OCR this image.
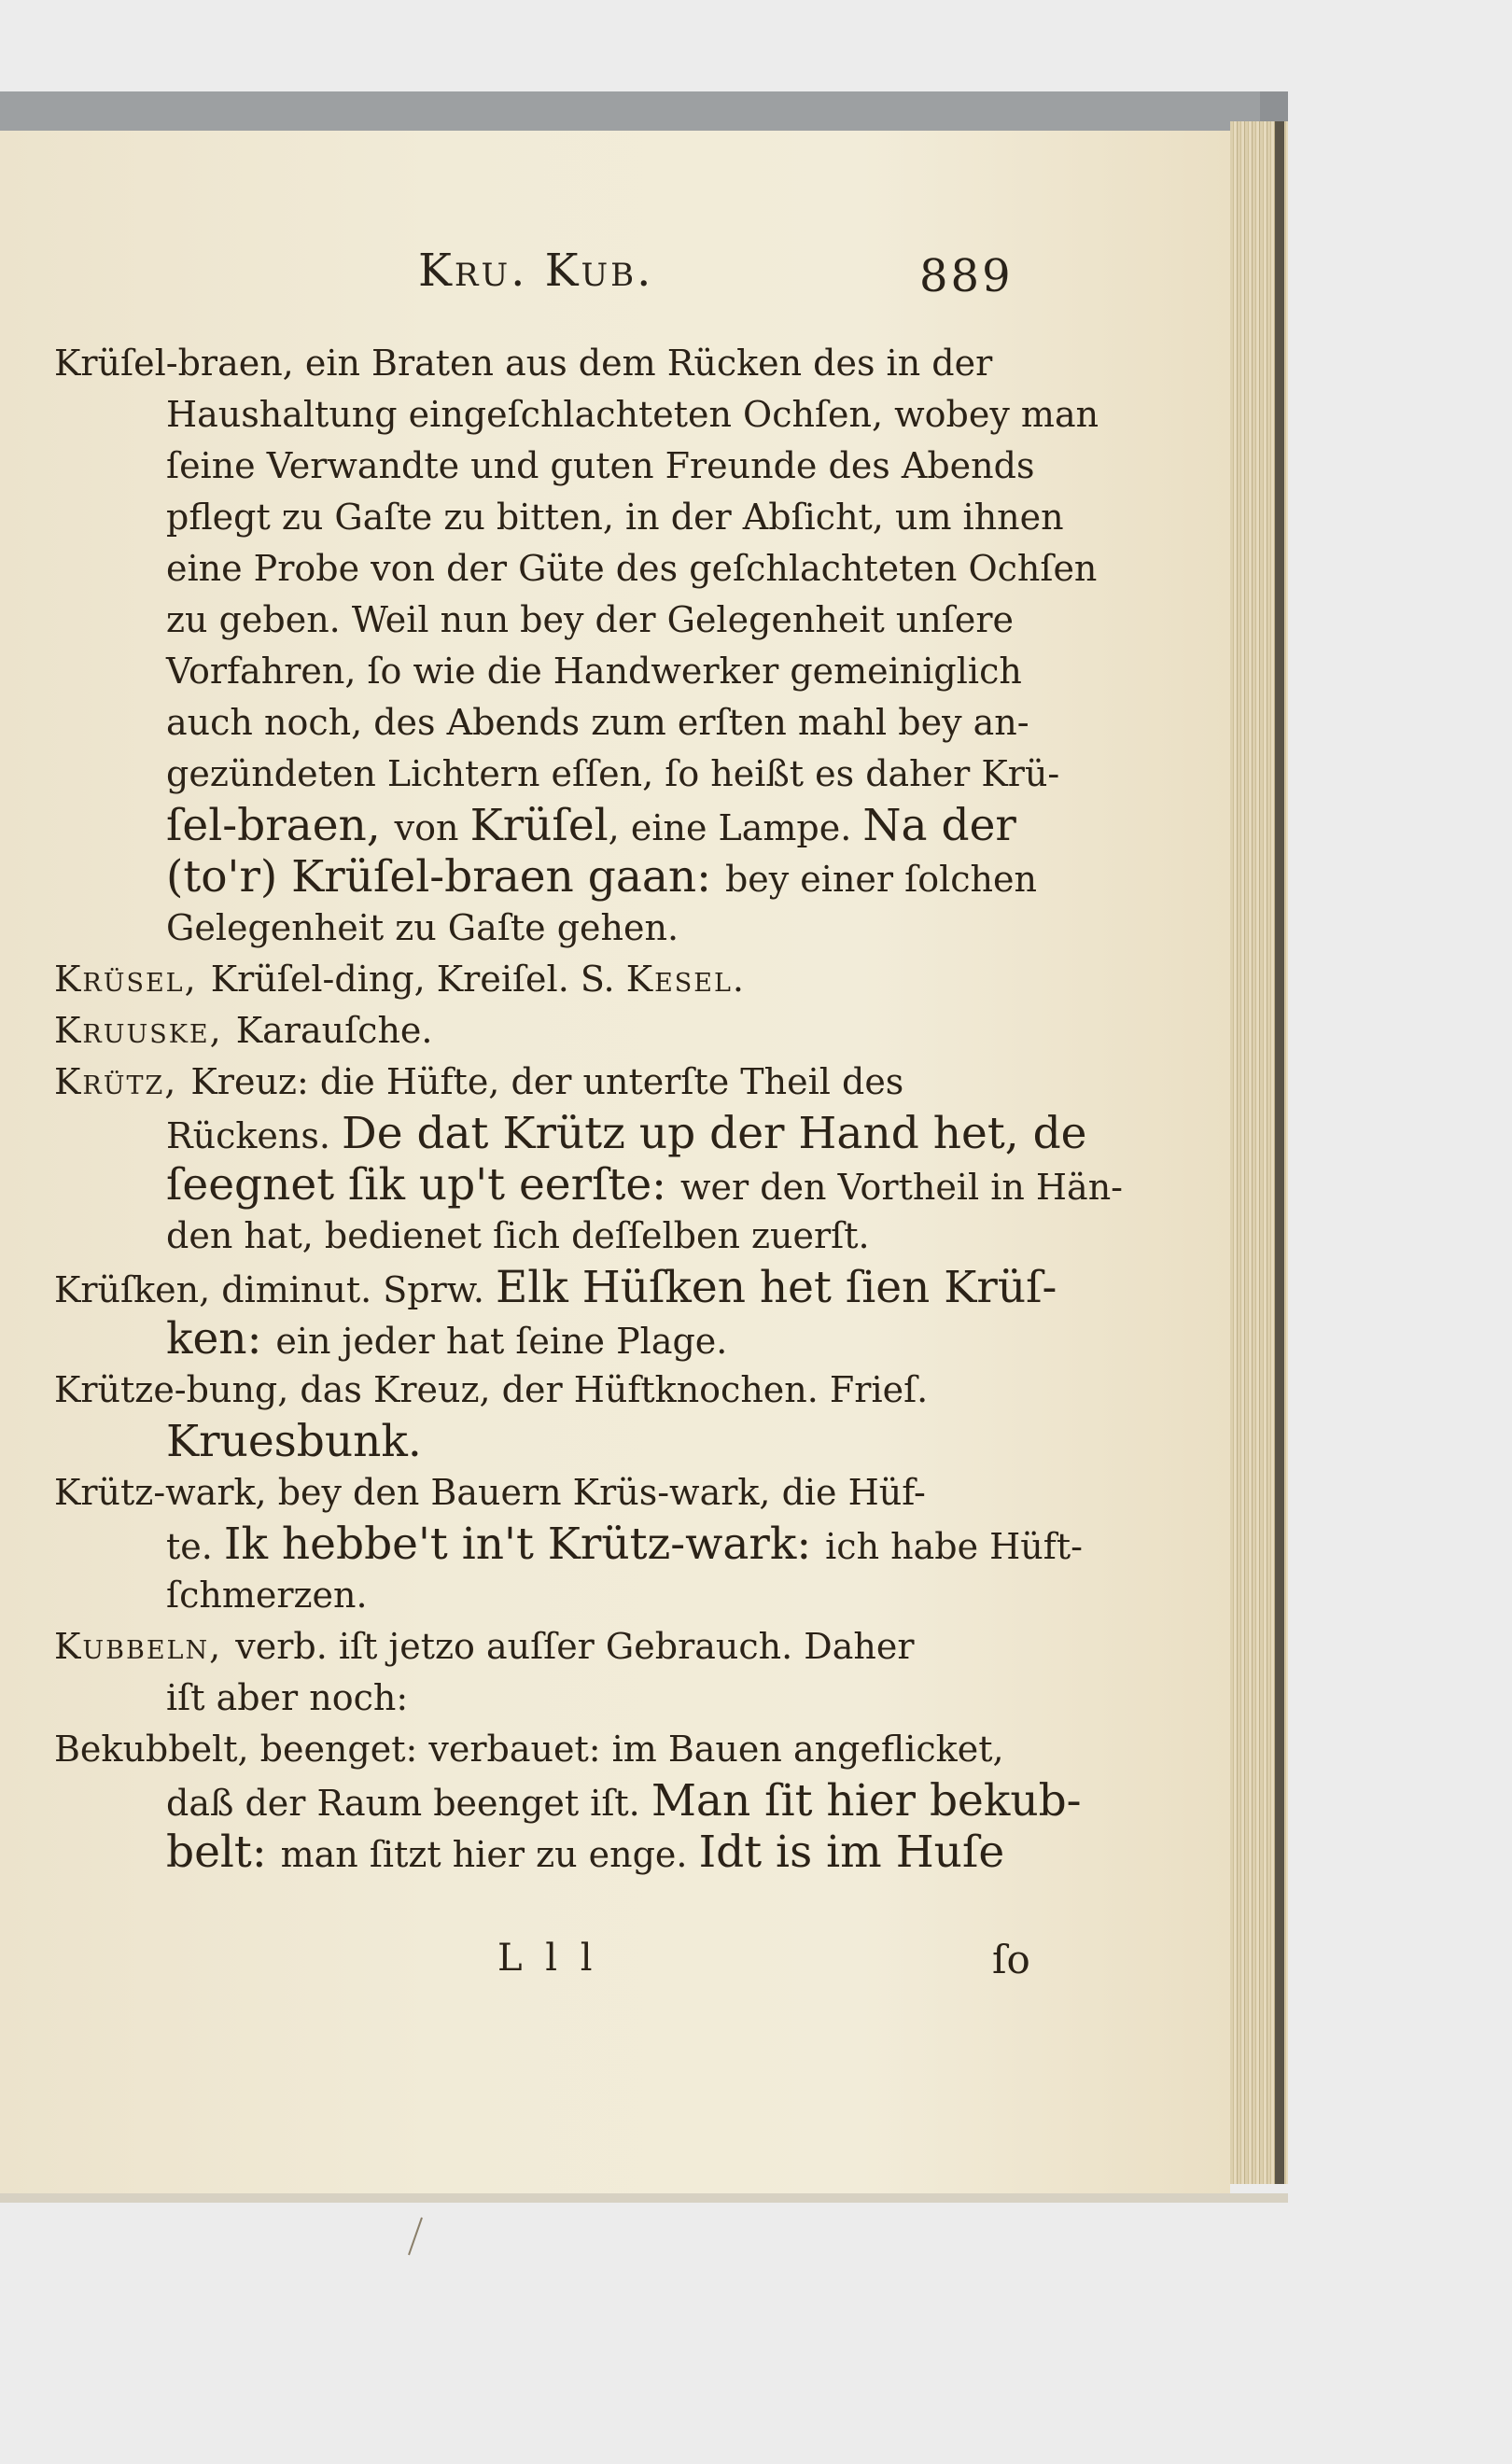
Kru. Kub.	889
Krüſel-braen, ein Braten aus dem Rücken des in der
Haushaltung eingeſchlachteten Ochſen, wobey man
ſeine Verwandte und guten Freunde des Abends
pflegt zu Gaſte zu bitten, in der Abſicht, um ihnen
eine Probe von der Güte des geſchlachteten Ochſen
zu geben. Weil nun bey der Gelegenheit unſere
Vorfahren, ſo wie die Handwerker gemeiniglich
auch noch, des Abends zum erſten mahl bey an-
gezündeten Lichtern eſſen, ſo heißt es daher Krü-
ſel-braen, von Krüſel, eine Lampe. Na der
(to'r) Krüſel-braen gaan: bey einer ſolchen
Gelegenheit zu Gaſte gehen.
Krüsel, Krüſel-ding, Kreiſel. S. Kesel.
Kruuske, Karauſche.
Krütz, Kreuz: die Hüfte, der unterſte Theil des
Rückens. De dat Krütz up der Hand het, de
ſeegnet ſik up't eerſte: wer den Vortheil in Hän-
den hat, bedienet ſich deſſelben zuerſt.
Krüſken, diminut. Sprw. Elk Hüſken het ſien Krüſ-
ken: ein jeder hat ſeine Plage.
Krütze-bung, das Kreuz, der Hüftknochen. Frieſ.
Kruesbunk.
Krütz-wark, bey den Bauern Krüs-wark, die Hüf-
te. Ik hebbe't in't Krütz-wark: ich habe Hüft-
ſchmerzen.
Kubbeln, verb. iſt jetzo auſſer Gebrauch. Daher
iſt aber noch:
Bekubbelt, beenget: verbauet: im Bauen angeflicket,
daß der Raum beenget iſt. Man ſit hier bekub-
belt: man ſitzt hier zu enge. Idt is im Huſe
L l l	ſo
